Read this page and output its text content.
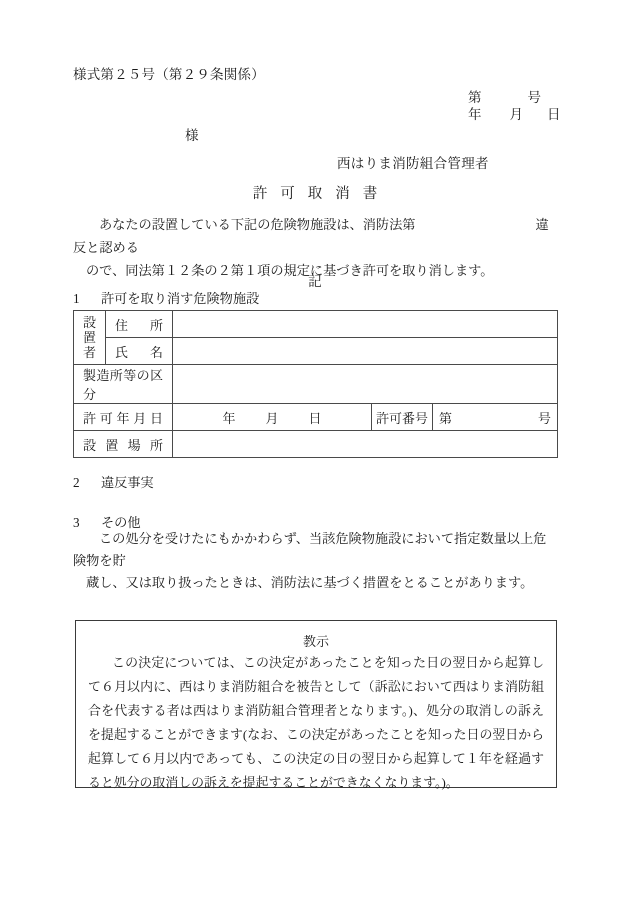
様式第２５号（第２９条関係）
第	号
年 月 日
様
西はりま消防組合管理者
許可取消書
あなたの設置している下記の危険物施設は、消防法第	違反と認める
ので、同法第１２条の２第１項の規定に基づき許可を取り消します。
記
1 許可を取り消す危険物施設
設
置
者	住所			
	氏名			
製造所等の区分				
許可年月日		年 月 日	許可番号	第 号

設置場所				
2 違反事実
3 その他
この処分を受けたにもかかわらず、当該危険物施設において指定数量以上危険物を貯
蔵し、又は取り扱ったときは、消防法に基づく措置をとることがあります。
教示
この決定については、この決定があったことを知った日の翌日から起算して６月以内に、西はりま消防組合を被告として（訴訟において西はりま消防組合を代表する者は西はりま消防組合管理者となります。)、処分の取消しの訴えを提起することができます(なお、この決定があったことを知った日の翌日から起算して６月以内であっても、この決定の日の翌日から起算して１年を経過すると処分の取消しの訴えを提起することができなくなります。)。
